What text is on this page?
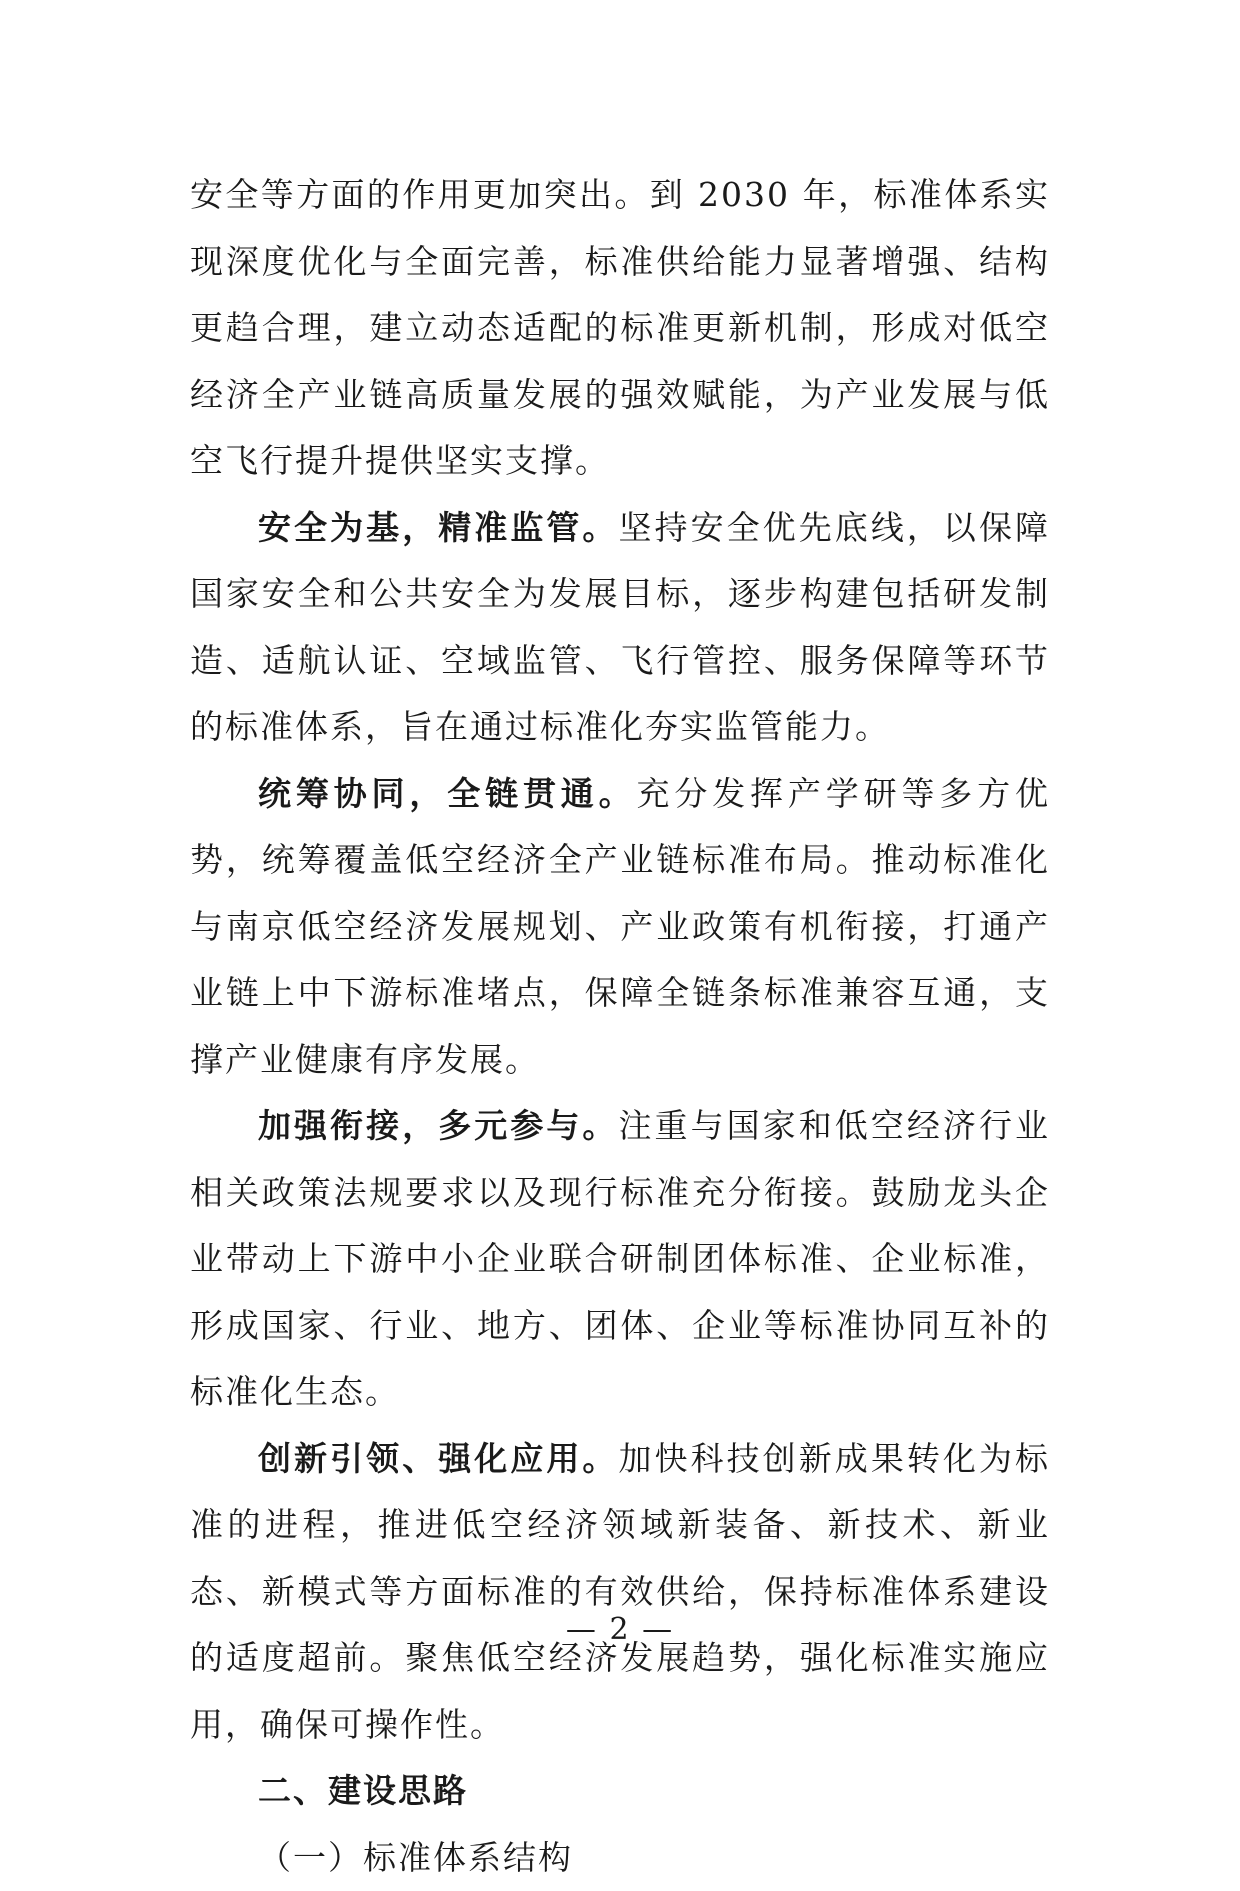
安全等方面的作用更加突出。到 2030 年，标准体系实现深度优化与全面完善，标准供给能力显著增强、结构更趋合理，建立动态适配的标准更新机制，形成对低空经济全产业链高质量发展的强效赋能，为产业发展与低空飞行提升提供坚实支撑。

安全为基，精准监管。坚持安全优先底线，以保障国家安全和公共安全为发展目标，逐步构建包括研发制造、适航认证、空域监管、飞行管控、服务保障等环节的标准体系，旨在通过标准化夯实监管能力。

统筹协同，全链贯通。充分发挥产学研等多方优势，统筹覆盖低空经济全产业链标准布局。推动标准化与南京低空经济发展规划、产业政策有机衔接，打通产业链上中下游标准堵点，保障全链条标准兼容互通，支撑产业健康有序发展。

加强衔接，多元参与。注重与国家和低空经济行业相关政策法规要求以及现行标准充分衔接。鼓励龙头企业带动上下游中小企业联合研制团体标准、企业标准，形成国家、行业、地方、团体、企业等标准协同互补的标准化生态。

创新引领、强化应用。加快科技创新成果转化为标准的进程，推进低空经济领域新装备、新技术、新业态、新模式等方面标准的有效供给，保持标准体系建设的适度超前。聚焦低空经济发展趋势，强化标准实施应用，确保可操作性。

二、建设思路

（一）标准体系结构

— 2 —
